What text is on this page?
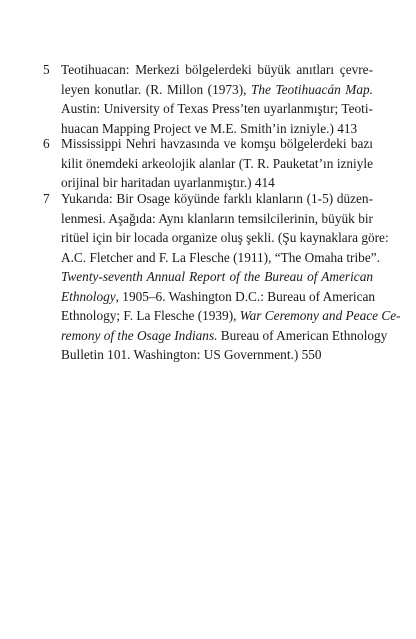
5 Teotihuacan: Merkezi bölgelerdeki büyük anıtları çevre-
leyen konutlar. (R. Millon (1973), The Teotihuacán Map.
Austin: University of Texas Press’ten uyarlanmıştır; Teoti-
huacan Mapping Project ve M.E. Smith’in izniyle.) 413
6 Mississippi Nehri havzasında ve komşu bölgelerdeki bazı
kilit önemdeki arkeolojik alanlar (T. R. Pauketat’ın izniyle
orijinal bir haritadan uyarlanmıştır.) 414
7 Yukarıda: Bir Osage köyünde farklı klanların (1-5) düzen-
lenmesi. Aşağıda: Aynı klanların temsilcilerinin, büyük bir
ritüel için bir locada organize oluş şekli. (Şu kaynaklara göre:
A.C. Fletcher and F. La Flesche (1911), “The Omaha tribe”.
Twenty-seventh Annual Report of the Bureau of American
Ethnology, 1905–6. Washington D.C.: Bureau of American
Ethnology; F. La Flesche (1939), War Ceremony and Peace Ce-
remony of the Osage Indians. Bureau of American Ethnology
Bulletin 101. Washington: US Government.) 550
